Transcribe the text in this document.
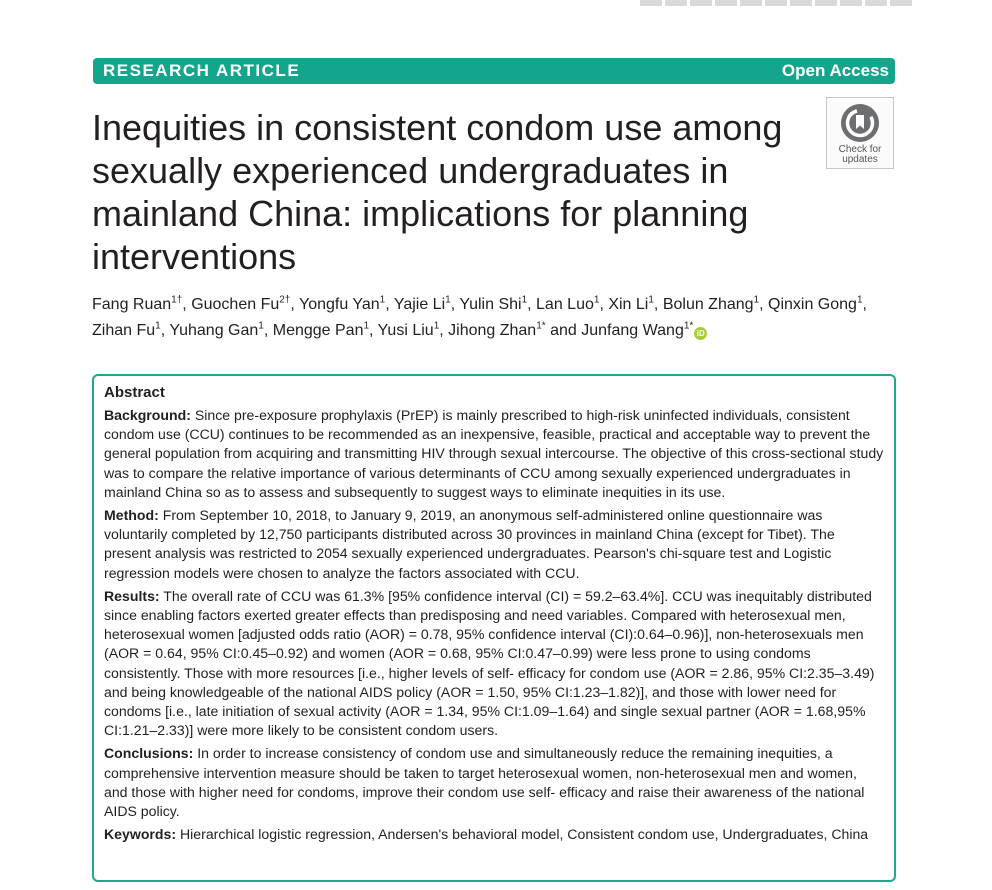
RESEARCH ARTICLE	Open Access
Inequities in consistent condom use among sexually experienced undergraduates in mainland China: implications for planning interventions
Check for
updates

Fang Ruan$^{1\dagger}$, Guochen $Fu^{2\dagger}$, Yongfu Yan$^1$, Yajie Li$^1$, Yulin Shi$^1$, Lan Luo$^1$, Xin Li$^1$, Bolun Zhang$^1$, Qinxin Gong$^1$, Zihan Fu$^1$, Yuhang Gan$^1$, Mengge Pan$^1$, Yusi Liu$^1$, Jihong Zhan$^{1*}$ and Junfang Wang$^{1*}$iD

Abstract

Background: Since pre-exposure prophylaxis (PrEP) is mainly prescribed to high-risk uninfected individuals, consistent condom use (CCU) continues to be recommended as an inexpensive, feasible, practical and acceptable way to prevent the general population from acquiring and transmitting HIV through sexual intercourse. The objective of this cross-sectional study was to compare the relative importance of various determinants of CCU among sexually experienced undergraduates in mainland China so as to assess and subsequently to suggest ways to eliminate inequities in its use.

Method: From September 10, 2018, to January 9, 2019, an anonymous self-administered online questionnaire was voluntarily completed by 12,750 participants distributed across 30 provinces in mainland China (except for Tibet). The present analysis was restricted to 2054 sexually experienced undergraduates. Pearson's chi-square test and Logistic regression models were chosen to analyze the factors associated with CCU.

Results: The overall rate of CCU was 61.3% [95% confidence interval (CI) = 59.2–63.4%]. CCU was inequitably distributed since enabling factors exerted greater effects than predisposing and need variables. Compared with heterosexual men, heterosexual women [adjusted odds ratio (AOR) = 0.78, 95% confidence interval (CI):0.64–0.96)], non-heterosexuals men (AOR = 0.64, 95% CI:0.45–0.92) and women (AOR = 0.68, 95% CI:0.47–0.99) were less prone to using condoms consistently. Those with more resources [i.e., higher levels of self- efficacy for condom use (AOR = 2.86, 95% CI:2.35–3.49) and being knowledgeable of the national AIDS policy (AOR = 1.50, 95% CI:1.23–1.82)], and those with lower need for condoms [i.e., late initiation of sexual activity (AOR = 1.34, 95% CI:1.09–1.64) and single sexual partner (AOR = 1.68,95% CI:1.21–2.33)] were more likely to be consistent condom users.

Conclusions: In order to increase consistency of condom use and simultaneously reduce the remaining inequities, a comprehensive intervention measure should be taken to target heterosexual women, non-heterosexual men and women, and those with higher need for condoms, improve their condom use self- efficacy and raise their awareness of the national AIDS policy.

Keywords: Hierarchical logistic regression, Andersen's behavioral model, Consistent condom use, Undergraduates, China
